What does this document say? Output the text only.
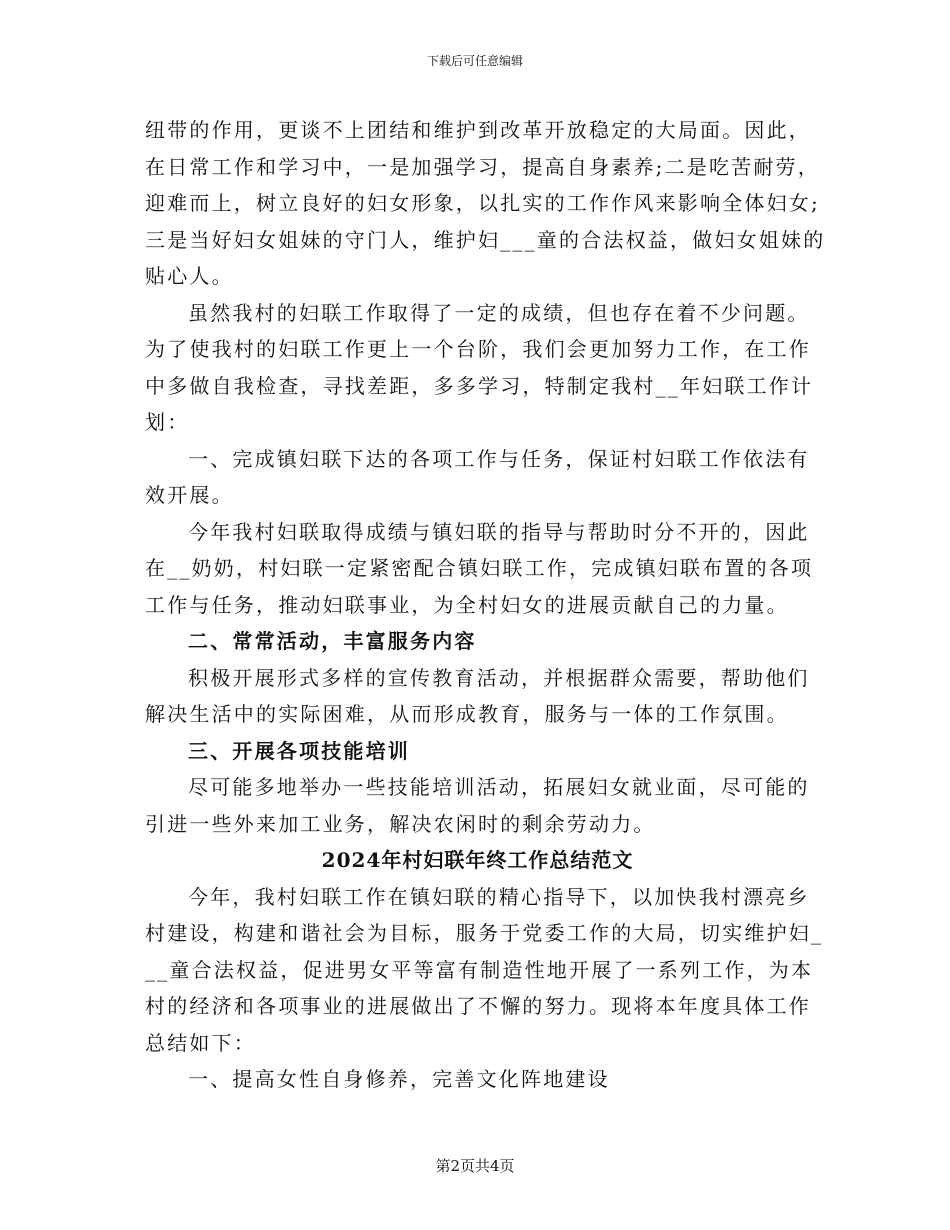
下载后可任意编辑

纽带的作用，更谈不上团结和维护到改革开放稳定的大局面。因此，
在日常工作和学习中，一是加强学习，提高自身素养;二是吃苦耐劳，
迎难而上，树立良好的妇女形象，以扎实的工作作风来影响全体妇女;
三是当好妇女姐妹的守门人，维护妇___童的合法权益，做妇女姐妹的
贴心人。

虽然我村的妇联工作取得了一定的成绩，但也存在着不少问题。
为了使我村的妇联工作更上一个台阶，我们会更加努力工作，在工作
中多做自我检查，寻找差距，多多学习，特制定我村__年妇联工作计
划：

一、完成镇妇联下达的各项工作与任务，保证村妇联工作依法有
效开展。

今年我村妇联取得成绩与镇妇联的指导与帮助时分不开的，因此
在__奶奶，村妇联一定紧密配合镇妇联工作，完成镇妇联布置的各项
工作与任务，推动妇联事业，为全村妇女的进展贡献自己的力量。

二、常常活动，丰富服务内容

积极开展形式多样的宣传教育活动，并根据群众需要，帮助他们
解决生活中的实际困难，从而形成教育，服务与一体的工作氛围。

三、开展各项技能培训

尽可能多地举办一些技能培训活动，拓展妇女就业面，尽可能的
引进一些外来加工业务，解决农闲时的剩余劳动力。

2024年村妇联年终工作总结范文

今年，我村妇联工作在镇妇联的精心指导下，以加快我村漂亮乡
村建设，构建和谐社会为目标，服务于党委工作的大局，切实维护妇_
__童合法权益，促进男女平等富有制造性地开展了一系列工作，为本
村的经济和各项事业的进展做出了不懈的努力。现将本年度具体工作
总结如下：

一、提高女性自身修养，完善文化阵地建设

第2页共4页
